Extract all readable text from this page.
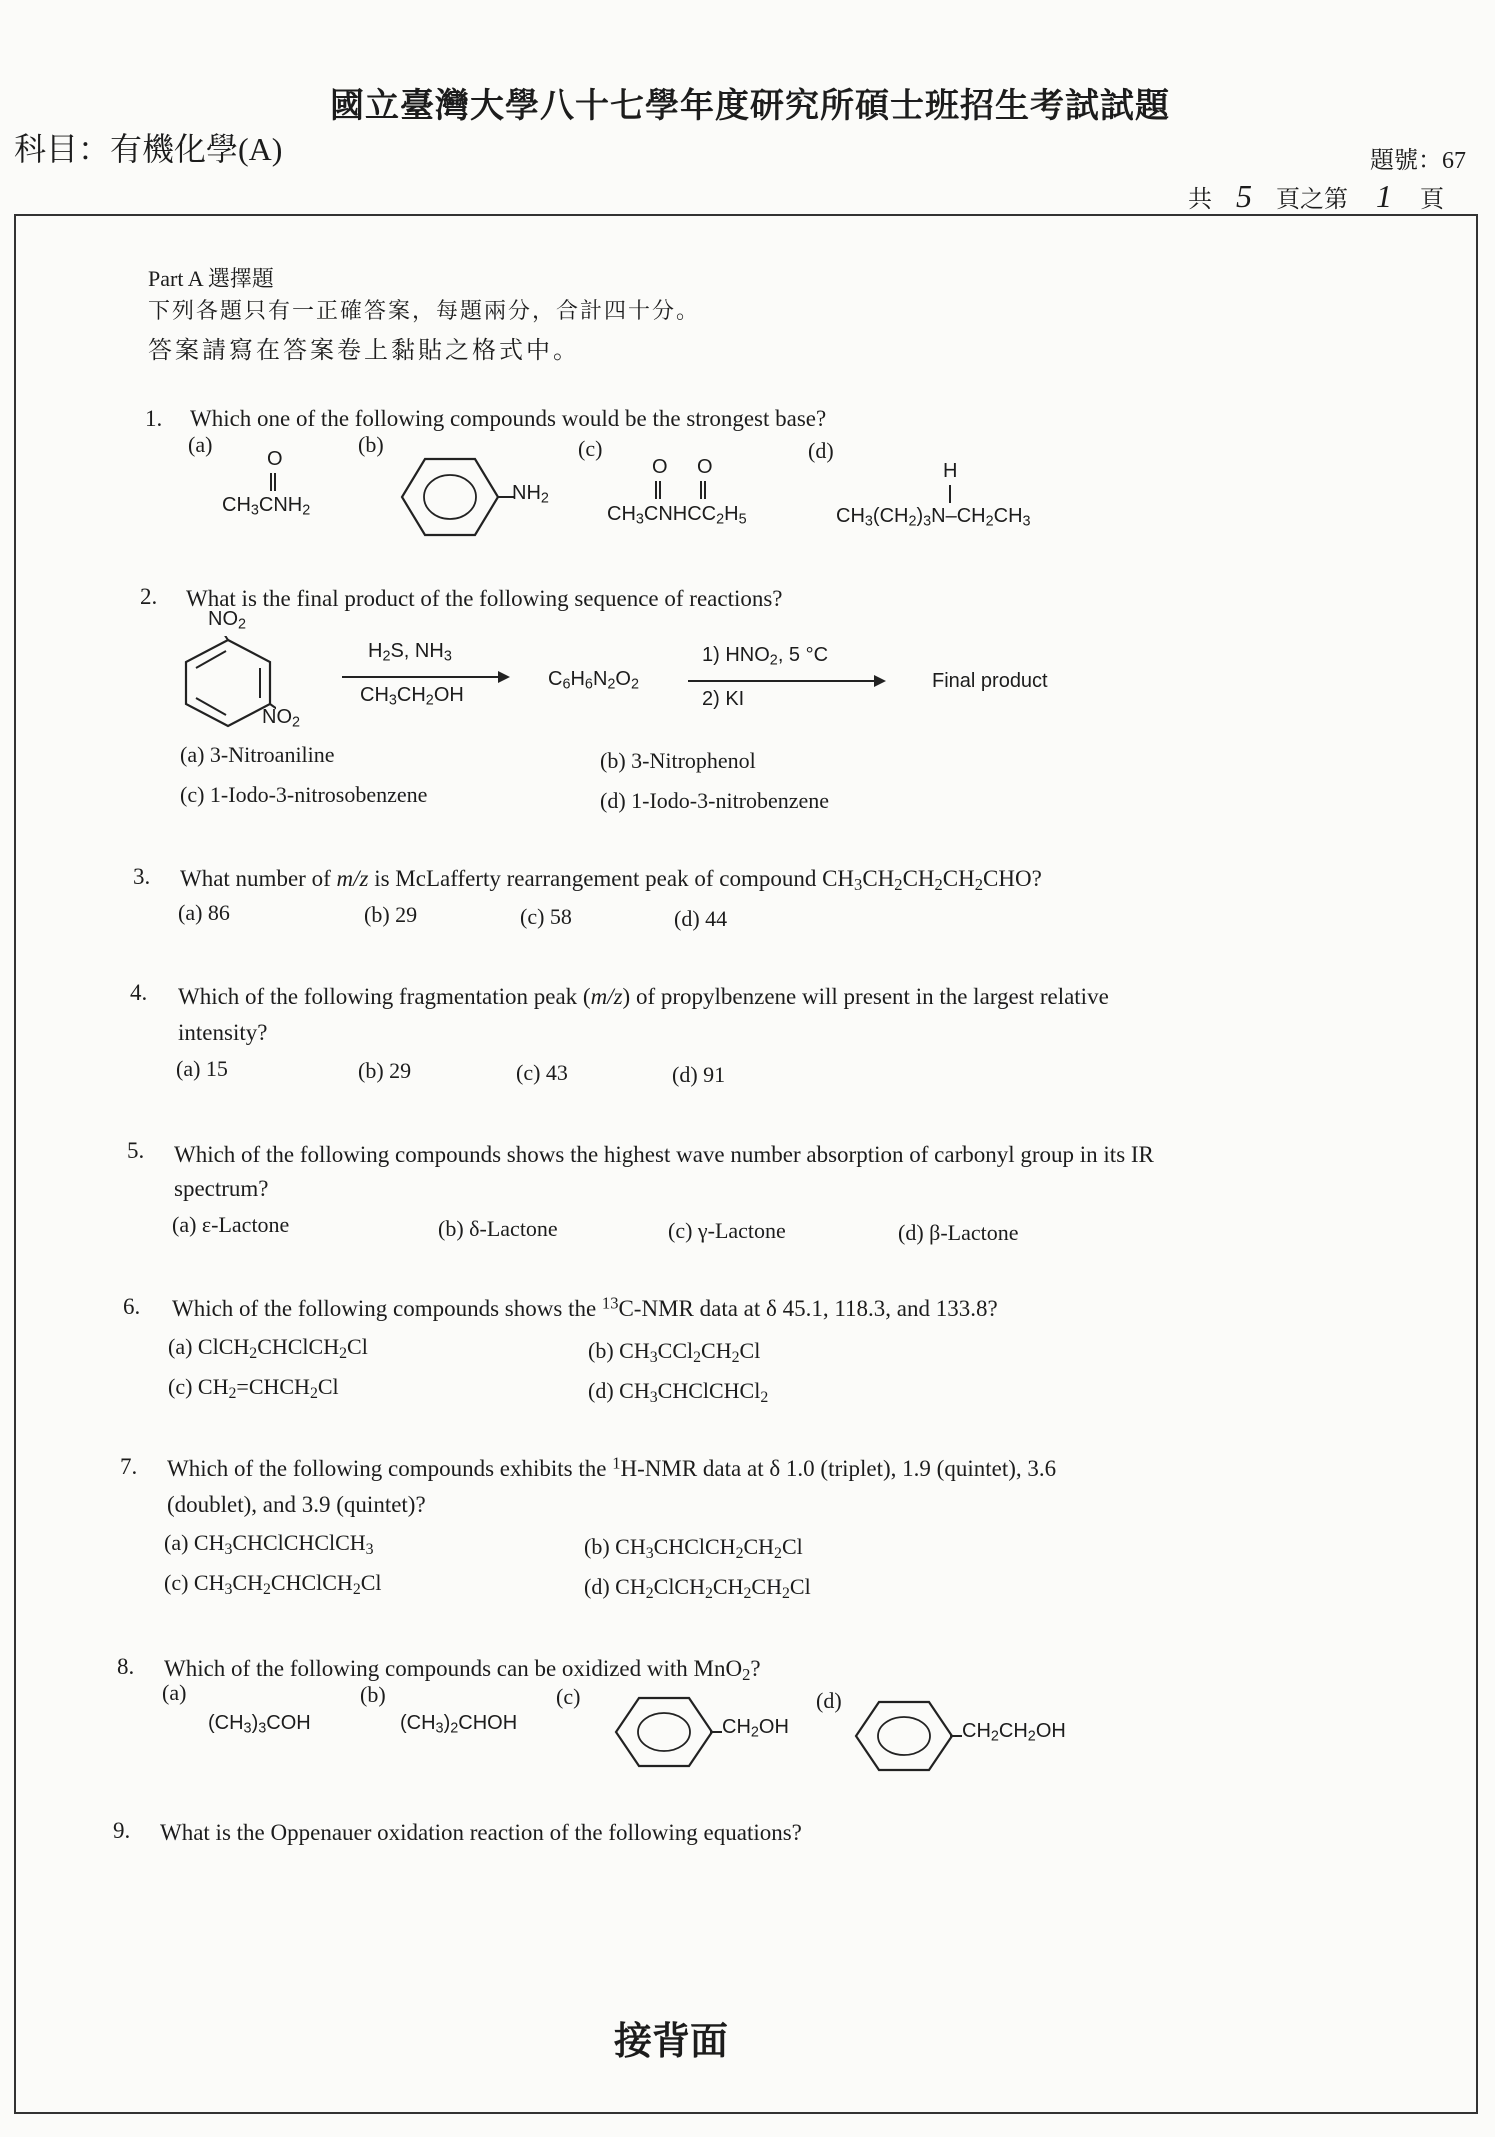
國立臺灣大學八十七學年度研究所碩士班招生考試試題
科目：有機化學(A)	題號：67
共 5 頁之第 1 頁
Part A 選擇題
下列各題只有一正確答案，每題兩分，合計四十分。
答案請寫在答案卷上黏貼之格式中。
1. Which one of the following compounds would be the strongest base?
(a)	(b)	(c)	(d)
O
$CH_3CNH_2$
$NH_2$
O O
$CH_3CNHCC_2H_5$
H
$CH_3(CH_2)_3N-CH_2CH_3$
2. What is the final product of the following sequence of reactions?
$NO_2$
$NO_2$
$H_2S$, $NH_3$
$CH_3CH_2OH$
$C_6H_6N_2O_2$
1) $HNO_2$, 5 °C
2) KI
Final product
(a) 3-Nitroaniline	(b) 3-Nitrophenol
(c) 1-Iodo-3-nitrosobenzene	(d) 1-Iodo-3-nitrobenzene
3. What number of m/z is McLafferty rearrangement peak of compound $CH_3CH_2CH_2CH_2CHO$?
(a) 86	(b) 29	(c) 58	(d) 44
4. Which of the following fragmentation peak (m/z) of propylbenzene will present in the largest relative
intensity?
(a) 15	(b) 29	(c) 43	(d) 91
5. Which of the following compounds shows the highest wave number absorption of carbonyl group in its IR
spectrum?
(a) ε-Lactone	(b) δ-Lactone	(c) γ-Lactone	(d) β-Lactone
6. Which of the following compounds shows the $^{13}$C-NMR data at δ 45.1, 118.3, and 133.8?
(a) ClCH$_2$CHClCH$_2$Cl	(b) $CH_3CCl_2CH_2Cl$
(c) $CH_2=CHCH_2Cl$	(d) $CH_3CHClCHCl_2$
7. Which of the following compounds exhibits the $^1$H-NMR data at δ 1.0 (triplet), 1.9 (quintet), 3.6
(doublet), and 3.9 (quintet)?
(a) $CH_3CHClCHClCH_3$	(b) $CH_3CHClCH_2CH_2Cl$
(c) $CH_3CH_2CHClCH_2Cl$	(d) $CH_2ClCH_2CH_2CH_2Cl$
8. Which of the following compounds can be oxidized with MnO$_2$?
(a)	(b)	(c)	(d)
$(CH_3)_3COH$	$(CH_3)_2CHOH$	$CH_2OH$	$CH_2CH_2OH$
9. What is the Oppenauer oxidation reaction of the following equations?
接背面
